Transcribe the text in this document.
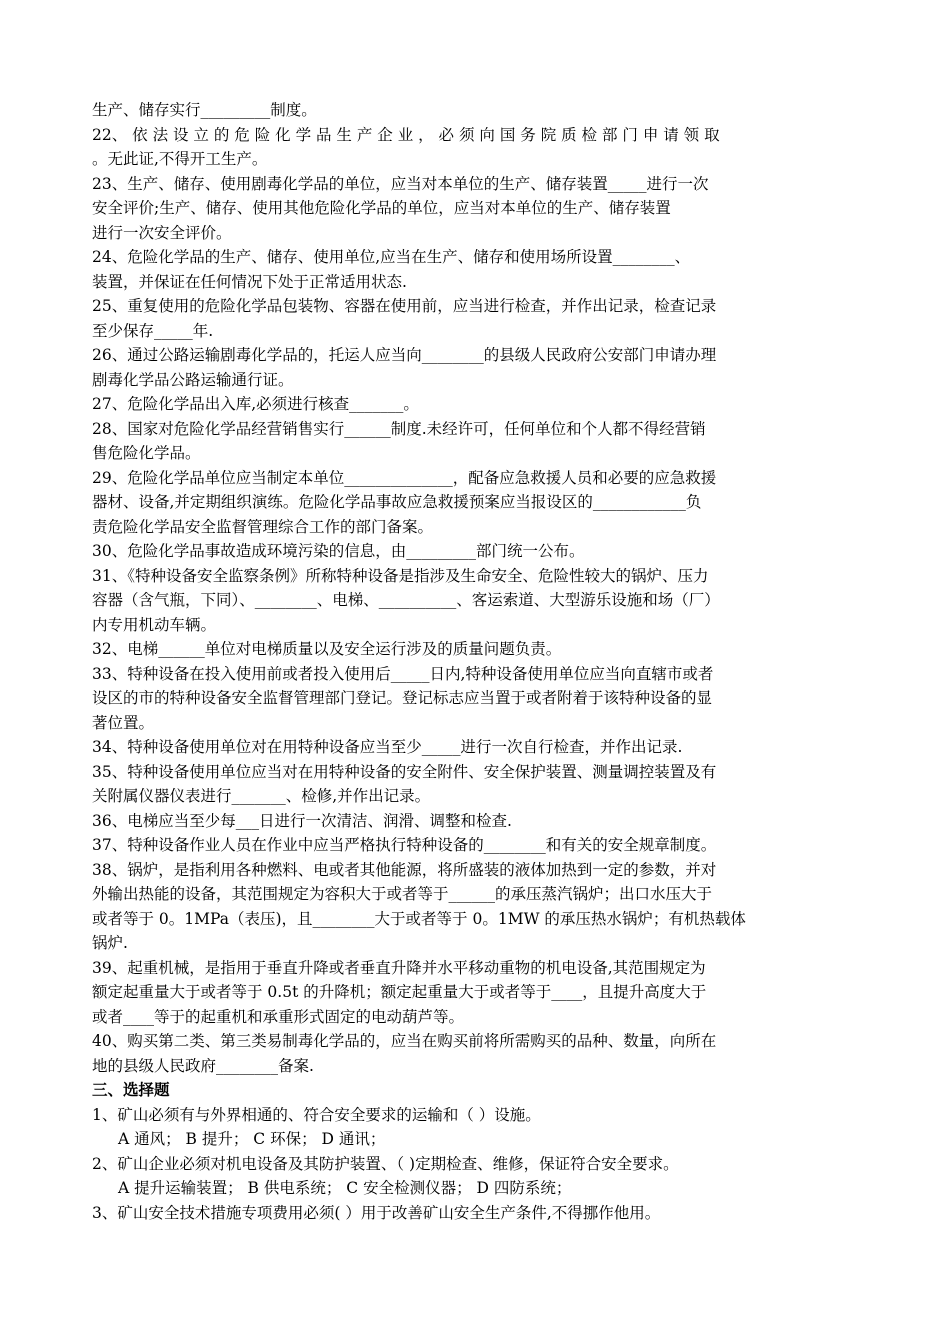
生产、储存实行_________制度。
22、 依 法 设 立 的 危 险 化 学 品 生 产 企 业 ， 必 须 向 国 务 院 质 检 部 门 申 请 领 取
。无此证,不得开工生产。
23、生产、储存、使用剧毒化学品的单位，应当对本单位的生产、储存装置_____进行一次
安全评价;生产、储存、使用其他危险化学品的单位，应当对本单位的生产、储存装置
进行一次安全评价。
24、危险化学品的生产、储存、使用单位,应当在生产、储存和使用场所设置________、
装置，并保证在任何情况下处于正常适用状态.
25、重复使用的危险化学品包装物、容器在使用前，应当进行检查，并作出记录，检查记录
至少保存_____年.
26、通过公路运输剧毒化学品的，托运人应当向________的县级人民政府公安部门申请办理
剧毒化学品公路运输通行证。
27、危险化学品出入库,必须进行核查_______。
28、国家对危险化学品经营销售实行______制度.未经许可，任何单位和个人都不得经营销
售危险化学品。
29、危险化学品单位应当制定本单位______________，配备应急救援人员和必要的应急救援
器材、设备,并定期组织演练。危险化学品事故应急救援预案应当报设区的____________负
责危险化学品安全监督管理综合工作的部门备案。
30、危险化学品事故造成环境污染的信息，由_________部门统一公布。
31、《特种设备安全监察条例》所称特种设备是指涉及生命安全、危险性较大的锅炉、压力
容器（含气瓶，下同）、________、电梯、__________、客运索道、大型游乐设施和场（厂）
内专用机动车辆。
32、电梯______单位对电梯质量以及安全运行涉及的质量问题负责。
33、特种设备在投入使用前或者投入使用后_____日内,特种设备使用单位应当向直辖市或者
设区的市的特种设备安全监督管理部门登记。登记标志应当置于或者附着于该特种设备的显
著位置。
34、特种设备使用单位对在用特种设备应当至少_____进行一次自行检查，并作出记录.
35、特种设备使用单位应当对在用特种设备的安全附件、安全保护装置、测量调控装置及有
关附属仪器仪表进行_______、检修,并作出记录。
36、电梯应当至少每___日进行一次清洁、润滑、调整和检查.
37、特种设备作业人员在作业中应当严格执行特种设备的________和有关的安全规章制度。
38、锅炉，是指利用各种燃料、电或者其他能源，将所盛装的液体加热到一定的参数，并对
外输出热能的设备，其范围规定为容积大于或者等于______的承压蒸汽锅炉；出口水压大于
或者等于 0。1MPa（表压)，且________大于或者等于 0。1MW 的承压热水锅炉；有机热载体
锅炉.
39、起重机械，是指用于垂直升降或者垂直升降并水平移动重物的机电设备,其范围规定为
额定起重量大于或者等于 0.5t 的升降机；额定起重量大于或者等于____，且提升高度大于
或者____等于的起重机和承重形式固定的电动葫芦等。
40、购买第二类、第三类易制毒化学品的，应当在购买前将所需购买的品种、数量，向所在
地的县级人民政府________备案.
三、选择题
1、矿山必须有与外界相通的、符合安全要求的运输和（ ）设施。
A 通风； B 提升； C 环保； D 通讯；
2、矿山企业必须对机电设备及其防护装置、（ )定期检查、维修，保证符合安全要求。
A 提升运输装置； B 供电系统； C 安全检测仪器； D 四防系统；
3、矿山安全技术措施专项费用必须( ）用于改善矿山安全生产条件,不得挪作他用。
